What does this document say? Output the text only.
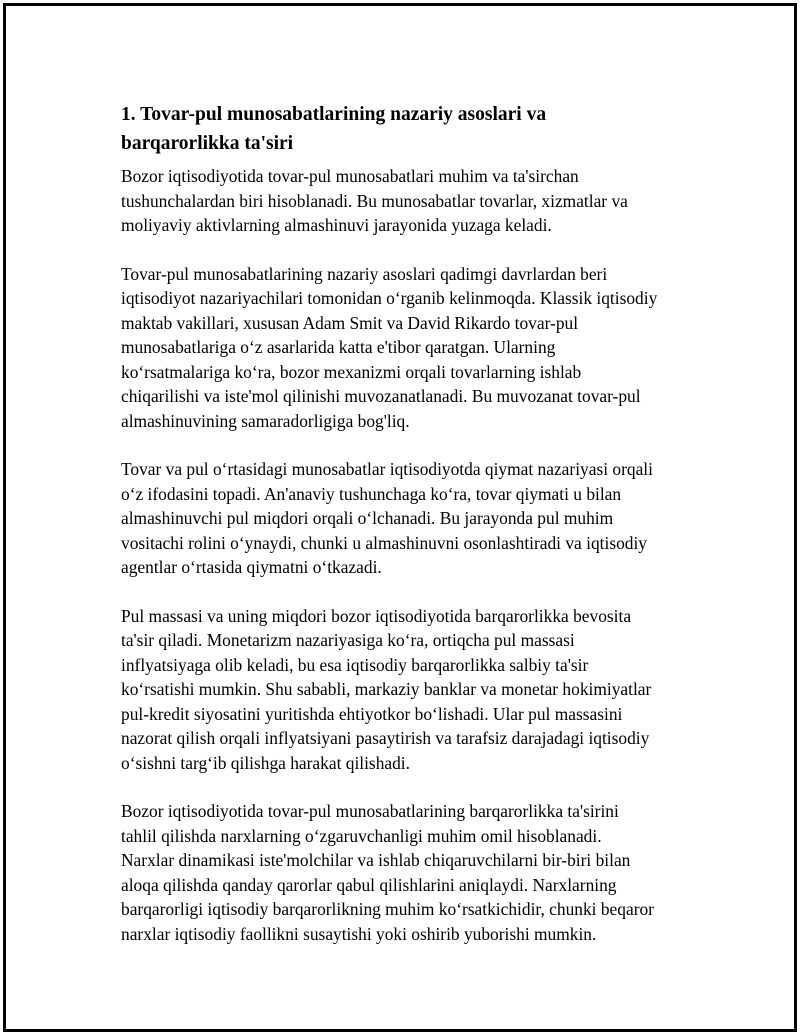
1. Tovar-pul munosabatlarining nazariy asoslari va barqarorlikka ta'siri

Bozor iqtisodiyotida tovar-pul munosabatlari muhim va ta'sirchan
tushunchalardan biri hisoblanadi. Bu munosabatlar tovarlar, xizmatlar va
moliyaviy aktivlarning almashinuvi jarayonida yuzaga keladi.

Tovar-pul munosabatlarining nazariy asoslari qadimgi davrlardan beri
iqtisodiyot nazariyachilari tomonidan o‘rganib kelinmoqda. Klassik iqtisodiy
maktab vakillari, xususan Adam Smit va David Rikardo tovar-pul
munosabatlariga o‘z asarlarida katta e'tibor qaratgan. Ularning
ko‘rsatmalariga ko‘ra, bozor mexanizmi orqali tovarlarning ishlab
chiqarilishi va iste'mol qilinishi muvozanatlanadi. Bu muvozanat tovar-pul
almashinuvining samaradorligiga bog'liq.

Tovar va pul o‘rtasidagi munosabatlar iqtisodiyotda qiymat nazariyasi orqali
o‘z ifodasini topadi. An'anaviy tushunchaga ko‘ra, tovar qiymati u bilan
almashinuvchi pul miqdori orqali o‘lchanadi. Bu jarayonda pul muhim
vositachi rolini o‘ynaydi, chunki u almashinuvni osonlashtiradi va iqtisodiy
agentlar o‘rtasida qiymatni o‘tkazadi.

Pul massasi va uning miqdori bozor iqtisodiyotida barqarorlikka bevosita
ta'sir qiladi. Monetarizm nazariyasiga ko‘ra, ortiqcha pul massasi
inflyatsiyaga olib keladi, bu esa iqtisodiy barqarorlikka salbiy ta'sir
ko‘rsatishi mumkin. Shu sababli, markaziy banklar va monetar hokimiyatlar
pul-kredit siyosatini yuritishda ehtiyotkor bo‘lishadi. Ular pul massasini
nazorat qilish orqali inflyatsiyani pasaytirish va tarafsiz darajadagi iqtisodiy
o‘sishni targ‘ib qilishga harakat qilishadi.

Bozor iqtisodiyotida tovar-pul munosabatlarining barqarorlikka ta'sirini
tahlil qilishda narxlarning o‘zgaruvchanligi muhim omil hisoblanadi.
Narxlar dinamikasi iste'molchilar va ishlab chiqaruvchilarni bir-biri bilan
aloqa qilishda qanday qarorlar qabul qilishlarini aniqlaydi. Narxlarning
barqarorligi iqtisodiy barqarorlikning muhim ko‘rsatkichidir, chunki beqaror
narxlar iqtisodiy faollikni susaytishi yoki oshirib yuborishi mumkin.
